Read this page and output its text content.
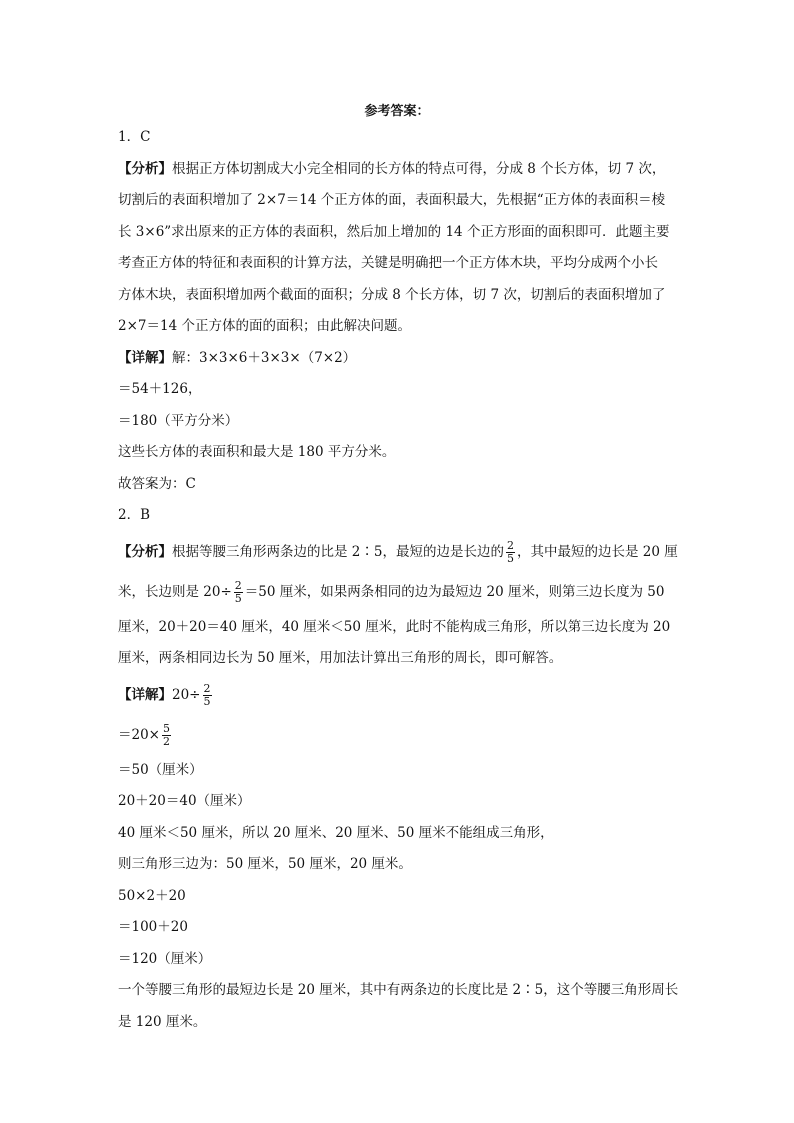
参考答案：
1．C
【分析】根据正方体切割成大小完全相同的长方体的特点可得，分成 8 个长方体，切 7 次，
切割后的表面积增加了 2×7＝14 个正方体的面，表面积最大，先根据“正方体的表面积＝棱
长 3×6”求出原来的正方体的表面积，然后加上增加的 14 个正方形面的面积即可．此题主要
考查正方体的特征和表面积的计算方法，关键是明确把一个正方体木块，平均分成两个小长
方体木块，表面积增加两个截面的面积；分成 8 个长方体，切 7 次，切割后的表面积增加了
2×7＝14 个正方体的面的面积；由此解决问题。
【详解】解：3×3×6＋3×3×（7×2）
＝54＋126，
＝180（平方分米）
这些长方体的表面积和最大是 180 平方分米。
故答案为：C
2．B
【分析】根据等腰三角形两条边的比是 2∶5，最短的边是长边的 $\frac{2}{5}$ ，其中最短的边长是 20 厘
米，长边则是 $20\div \frac{2}{5} =50$ 厘米，如果两条相同的边为最短边 20 厘米，则第三边长度为 50
厘米，20＋20＝40 厘米，40 厘米＜50 厘米，此时不能构成三角形，所以第三边长度为 20
厘米，两条相同边长为 50 厘米，用加法计算出三角形的周长，即可解答。
【详解】$20\div \frac{2}{5}$
$=20\times \frac{5}{2}$
＝50（厘米）
20＋20＝40（厘米）
40 厘米＜50 厘米，所以 20 厘米、20 厘米、50 厘米不能组成三角形，
则三角形三边为：50 厘米，50 厘米，20 厘米。
50×2＋20
＝100＋20
＝120（厘米）
一个等腰三角形的最短边长是 20 厘米，其中有两条边的长度比是 2∶5，这个等腰三角形周长
是 120 厘米。
